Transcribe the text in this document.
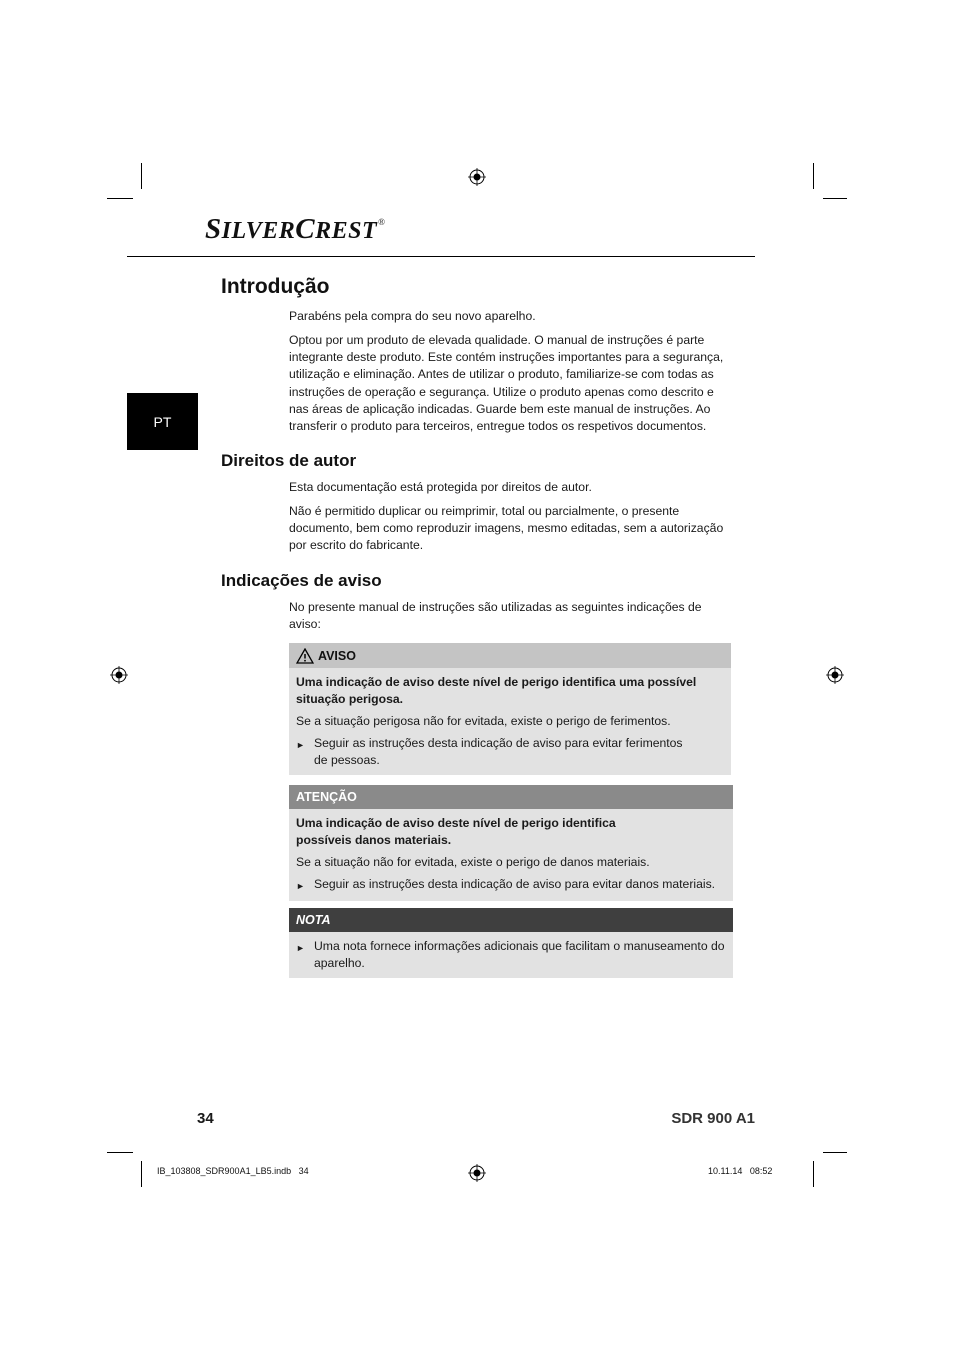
SILVERCREST®
PT
Introdução

Parabéns pela compra do seu novo aparelho.

Optou por um produto de elevada qualidade. O manual de instruções é parte integrante deste produto. Este contém instruções importantes para a segurança, utilização e eliminação. Antes de utilizar o produto, familiarize-se com todas as instruções de operação e segurança. Utilize o produto apenas como descrito e nas áreas de aplicação indicadas. Guarde bem este manual de instruções. Ao transferir o produto para terceiros, entregue todos os respetivos documentos.

Direitos de autor

Esta documentação está protegida por direitos de autor.

Não é permitido duplicar ou reimprimir, total ou parcialmente, o presente documento, bem como reproduzir imagens, mesmo editadas, sem a autorização por escrito do fabricante.

Indicações de aviso

No presente manual de instruções são utilizadas as seguintes indicações de aviso:

AVISO
Uma indicação de aviso deste nível de perigo identifica uma possível situação perigosa.
Se a situação perigosa não for evitada, existe o perigo de ferimentos.
► Seguir as instruções desta indicação de aviso para evitar ferimentos de pessoas.
ATENÇÃO
Uma indicação de aviso deste nível de perigo identifica possíveis danos materiais.
Se a situação não for evitada, existe o perigo de danos materiais.
► Seguir as instruções desta indicação de aviso para evitar danos materiais.
NOTA
► Uma nota fornece informações adicionais que facilitam o manuseamento do aparelho.
34	SDR 900 A1
IB_103808_SDR900A1_LB5.indb   34	10.11.14   08:52
